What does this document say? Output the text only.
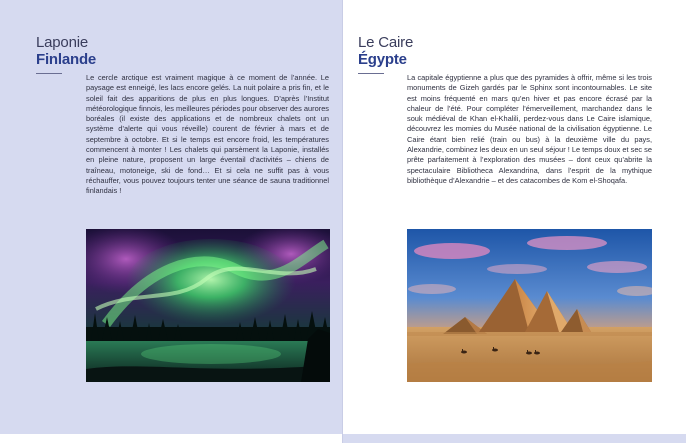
Laponie
Finlande

Le cercle arctique est vraiment magique à ce moment de l’année. Le paysage est enneigé, les lacs encore gelés. La nuit polaire a pris fin, et le soleil fait des apparitions de plus en plus longues. D’après l’Institut météorologique finnois, les meilleures périodes pour observer des aurores boréales (il existe des applications et de nombreux chalets ont un système d’alerte qui vous réveille) courent de février à mars et de septembre à octobre. Et si le temps est encore froid, les températures commencent à monter ! Les chalets qui parsèment la Laponie, installés en pleine nature, proposent un large éventail d’activités – chiens de traîneau, motoneige, ski de fond… Et si cela ne suffit pas à vous réchauffer, vous pouvez toujours tenter une séance de sauna traditionnel finlandais !

Le Caire
Égypte

La capitale égyptienne a plus que des pyramides à offrir, même si les trois monuments de Gizeh gardés par le Sphinx sont incontournables. Le site est moins fréquenté en mars qu’en hiver et pas encore écrasé par la chaleur de l’été. Pour compléter l’émerveillement, marchandez dans le souk médiéval de Khan el-Khalili, perdez-vous dans Le Caire islamique, découvrez les momies du Musée national de la civilisation égyptienne. Le Caire étant bien relié (train ou bus) à la deuxième ville du pays, Alexandrie, combinez les deux en un seul séjour ! Le temps doux et sec se prête parfaitement à l’exploration des musées – dont ceux qu’abrite la spectaculaire Bibliotheca Alexandrina, dans l’esprit de la mythique bibliothèque d’Alexandrie – et des catacombes de Kom el-Shoqafa.
